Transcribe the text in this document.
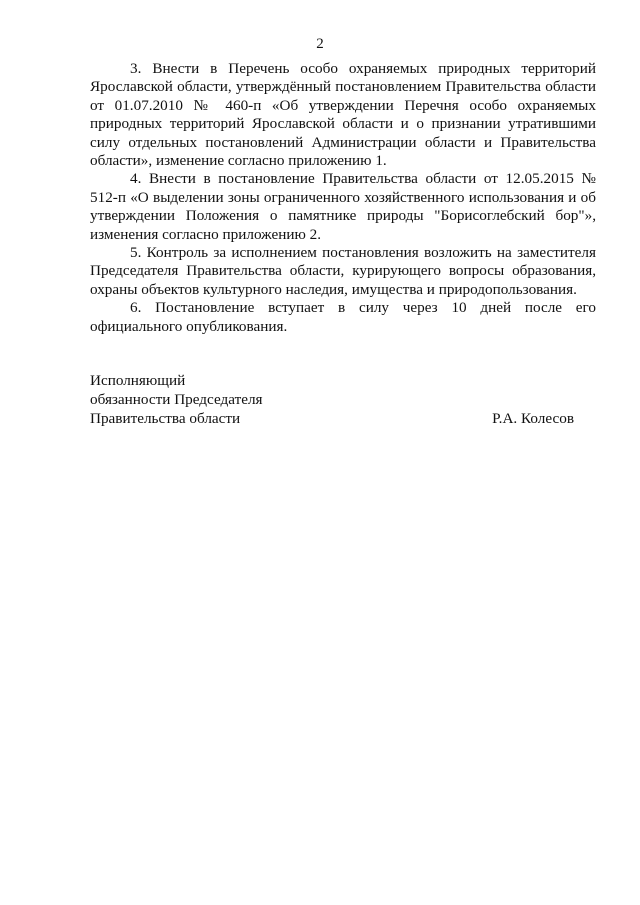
2

3. Внести в Перечень особо охраняемых природных территорий Ярославской области, утверждённый постановлением Правительства области от 01.07.2010 № 460-п «Об утверждении Перечня особо охраняемых природных территорий Ярославской области и о признании утратившими силу отдельных постановлений Администрации области и Правительства области», изменение согласно приложению 1.

4. Внести в постановление Правительства области от 12.05.2015 № 512-п «О выделении зоны ограниченного хозяйственного использования и об утверждении Положения о памятнике природы "Борисоглебский бор"», изменения согласно приложению 2.

5. Контроль за исполнением постановления возложить на заместителя Председателя Правительства области, курирующего вопросы образования, охраны объектов культурного наследия, имущества и природопользования.

6. Постановление вступает в силу через 10 дней после его официального опубликования.

Исполняющий
обязанности Председателя
Правительства области	Р.А. Колесов
